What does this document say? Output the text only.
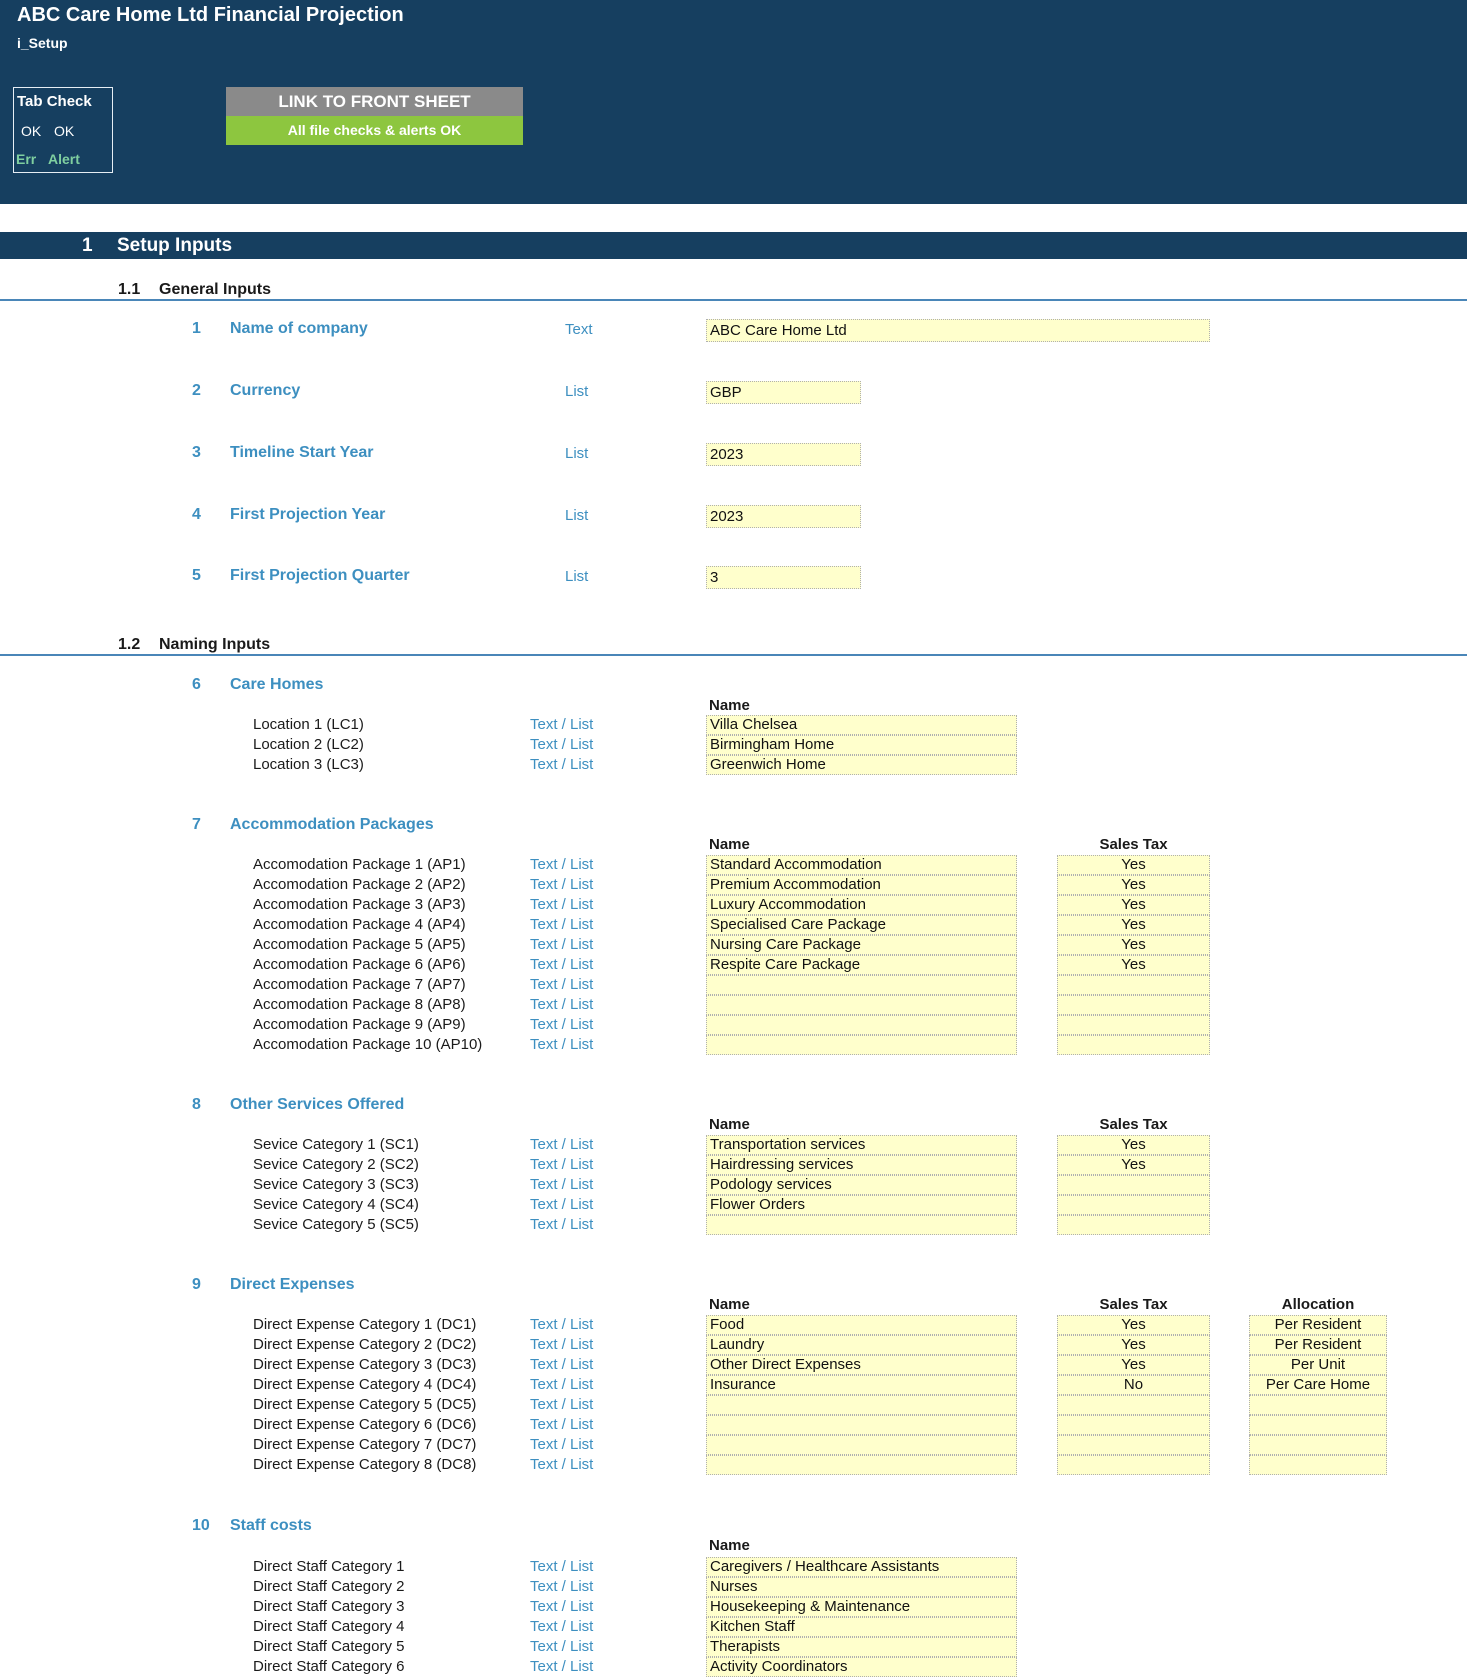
ABC Care Home Ltd Financial Projection
i_Setup
Tab Check
OK OK
Err Alert
LINK TO FRONT SHEET
All file checks & alerts OK
1 Setup Inputs
1.1 General Inputs
1 Name of company	Text	ABC Care Home Ltd
2 Currency	List	GBP
3 Timeline Start Year	List	2023
4 First Projection Year	List	2023
5 First Projection Quarter	List	3
1.2 Naming Inputs
6 Care Homes
Name
Location 1 (LC1)	Text / List	Villa Chelsea
Location 2 (LC2)	Text / List	Birmingham Home
Location 3 (LC3)	Text / List	Greenwich Home
7 Accommodation Packages
Name	Sales Tax
Accomodation Package 1 (AP1)	Text / List	Standard Accommodation	Yes
Accomodation Package 2 (AP2)	Text / List	Premium Accommodation	Yes
Accomodation Package 3 (AP3)	Text / List	Luxury Accommodation	Yes
Accomodation Package 4 (AP4)	Text / List	Specialised Care Package	Yes
Accomodation Package 5 (AP5)	Text / List	Nursing Care Package	Yes
Accomodation Package 6 (AP6)	Text / List	Respite Care Package	Yes
Accomodation Package 7 (AP7)	Text / List
Accomodation Package 8 (AP8)	Text / List
Accomodation Package 9 (AP9)	Text / List
Accomodation Package 10 (AP10)	Text / List
8 Other Services Offered
Name	Sales Tax
Sevice Category 1 (SC1)	Text / List	Transportation services	Yes
Sevice Category 2 (SC2)	Text / List	Hairdressing services	Yes
Sevice Category 3 (SC3)	Text / List	Podology services
Sevice Category 4 (SC4)	Text / List	Flower Orders
Sevice Category 5 (SC5)	Text / List
9 Direct Expenses
Name	Sales Tax	Allocation
Direct Expense Category 1 (DC1)	Text / List	Food	Yes	Per Resident
Direct Expense Category 2 (DC2)	Text / List	Laundry	Yes	Per Resident
Direct Expense Category 3 (DC3)	Text / List	Other Direct Expenses	Yes	Per Unit
Direct Expense Category 4 (DC4)	Text / List	Insurance	No	Per Care Home
Direct Expense Category 5 (DC5)	Text / List
Direct Expense Category 6 (DC6)	Text / List
Direct Expense Category 7 (DC7)	Text / List
Direct Expense Category 8 (DC8)	Text / List
10 Staff costs
Name
Direct Staff Category 1	Text / List	Caregivers / Healthcare Assistants
Direct Staff Category 2	Text / List	Nurses
Direct Staff Category 3	Text / List	Housekeeping & Maintenance
Direct Staff Category 4	Text / List	Kitchen Staff
Direct Staff Category 5	Text / List	Therapists
Direct Staff Category 6	Text / List	Activity Coordinators
